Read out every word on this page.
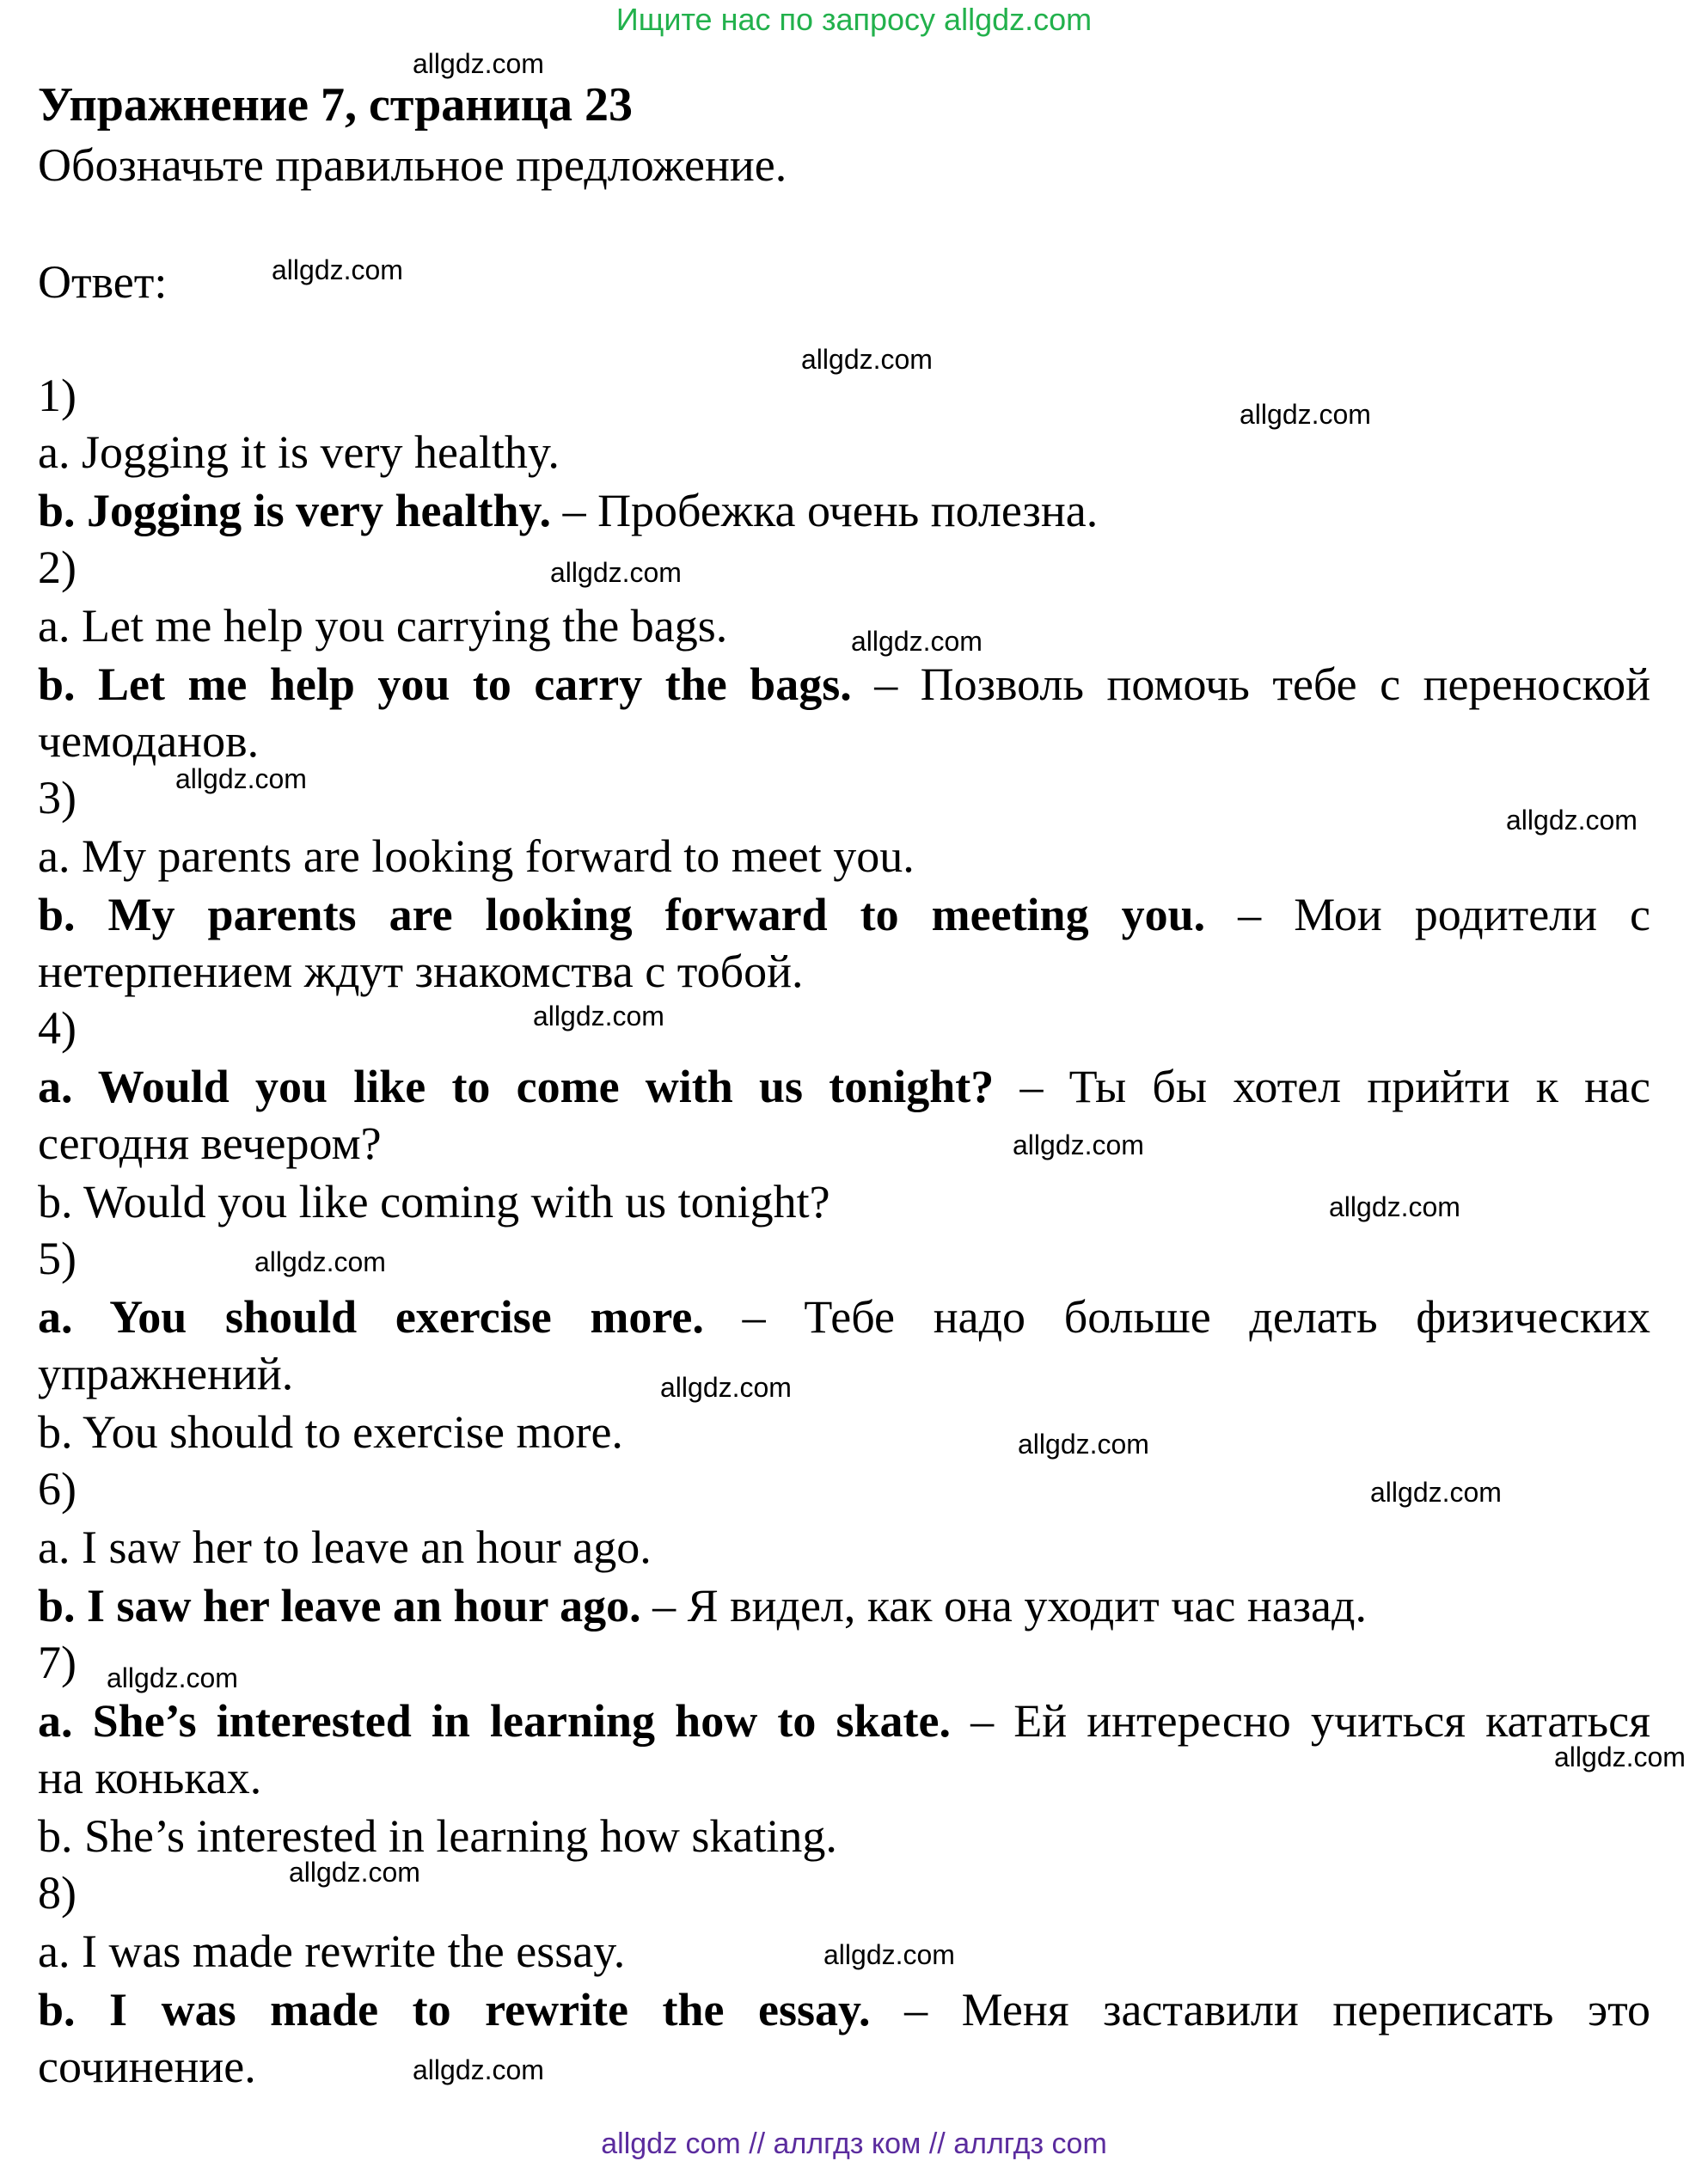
Ищите нас по запросу allgdz.com
allgdz.com
Упражнение 7, страница 23
Обозначьте правильное предложение.
Ответ:	allgdz.com
allgdz.com
1)	allgdz.com
a. Jogging it is very healthy.
b. Jogging is very healthy. – Пробежка очень полезна.
2)	allgdz.com
a. Let me help you carrying the bags.	allgdz.com
b. Let me help you to carry the bags. – Позволь помочь тебе с переноской
чемоданов.
allgdz.com
3)	allgdz.com
a. My parents are looking forward to meet you.
b. My parents are looking forward to meeting you. – Мои родители с
нетерпением ждут знакомства с тобой.
4)	allgdz.com
a. Would you like to come with us tonight? – Ты бы хотел прийти к нас
сегодня вечером?	allgdz.com
b. Would you like coming with us tonight?	allgdz.com
5)	allgdz.com
a. You should exercise more. – Тебе надо больше делать физических
упражнений.	allgdz.com
b. You should to exercise more.	allgdz.com
6)	allgdz.com
a. I saw her to leave an hour ago.
b. I saw her leave an hour ago. – Я видел, как она уходит час назад.
7) allgdz.com
a. She’s interested in learning how to skate. – Ей интересно учиться кататься
allgdz.com
на коньках.
b. She’s interested in learning how skating.
allgdz.com
8)
a. I was made rewrite the essay.	allgdz.com
b. I was made to rewrite the essay. – Меня заставили переписать это
сочинение.	allgdz.com
allgdz com // аллгдз ком // аллгдз com
